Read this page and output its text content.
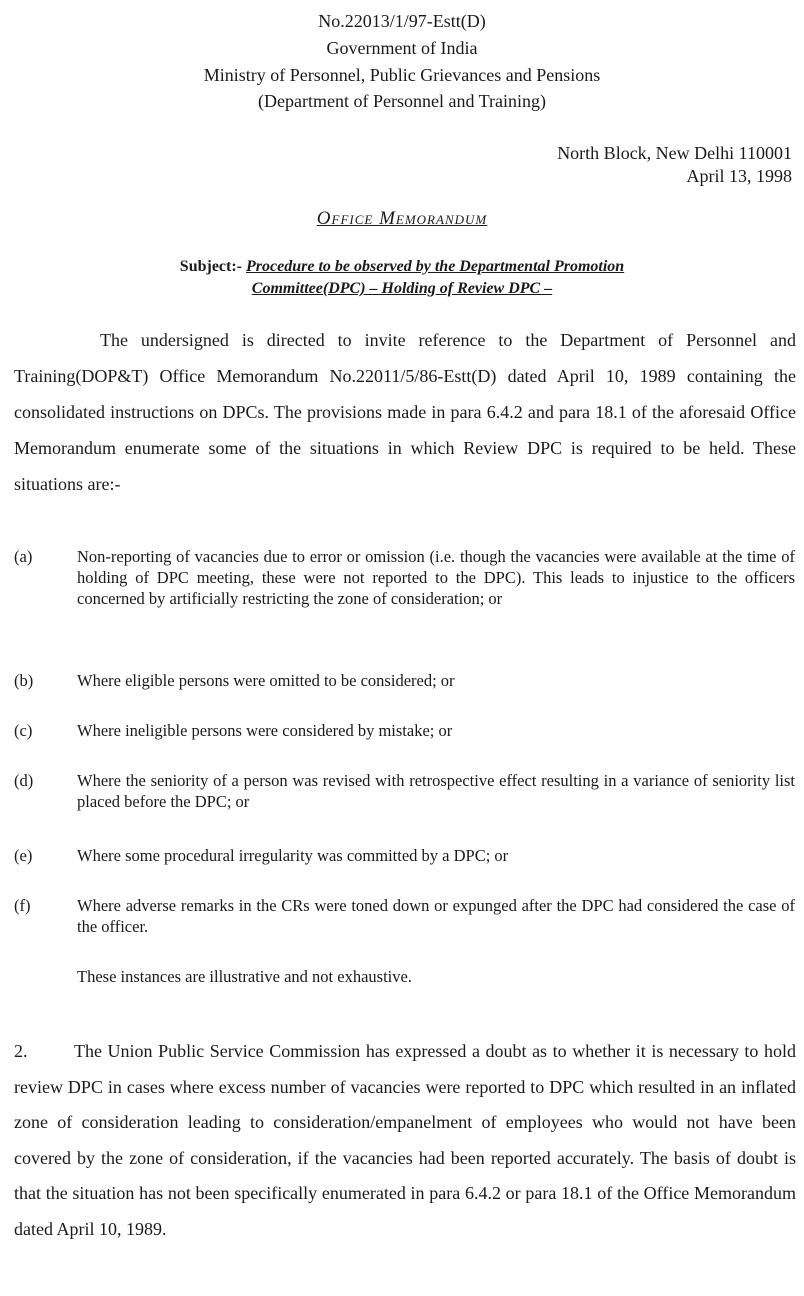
No.22013/1/97-Estt(D)
Government of India
Ministry of Personnel, Public Grievances and Pensions
(Department of Personnel and Training)
North Block, New Delhi 110001
April 13, 1998
Office Memorandum
Subject:- Procedure to be observed by the Departmental Promotion
Committee(DPC) – Holding of Review DPC –
The undersigned is directed to invite reference to the Department of Personnel and Training(DOP&T) Office Memorandum No.22011/5/86-Estt(D) dated April 10, 1989 containing the consolidated instructions on DPCs. The provisions made in para 6.4.2 and para 18.1 of the aforesaid Office Memorandum enumerate some of the situations in which Review DPC is required to be held. These situations are:-
(a)	Non-reporting of vacancies due to error or omission (i.e. though the vacancies were available at the time of holding of DPC meeting, these were not reported to the DPC). This leads to injustice to the officers concerned by artificially restricting the zone of consideration; or
(b)	Where eligible persons were omitted to be considered; or
(c)	Where ineligible persons were considered by mistake; or
(d)	Where the seniority of a person was revised with retrospective effect resulting in a variance of seniority list placed before the DPC; or
(e)	Where some procedural irregularity was committed by a DPC; or
(f)	Where adverse remarks in the CRs were toned down or expunged after the DPC had considered the case of the officer.
These instances are illustrative and not exhaustive.
2.	The Union Public Service Commission has expressed a doubt as to whether it is necessary to hold review DPC in cases where excess number of vacancies were reported to DPC which resulted in an inflated zone of consideration leading to consideration/empanelment of employees who would not have been covered by the zone of consideration, if the vacancies had been reported accurately. The basis of doubt is that the situation has not been specifically enumerated in para 6.4.2 or para 18.1 of the Office Memorandum dated April 10, 1989.
